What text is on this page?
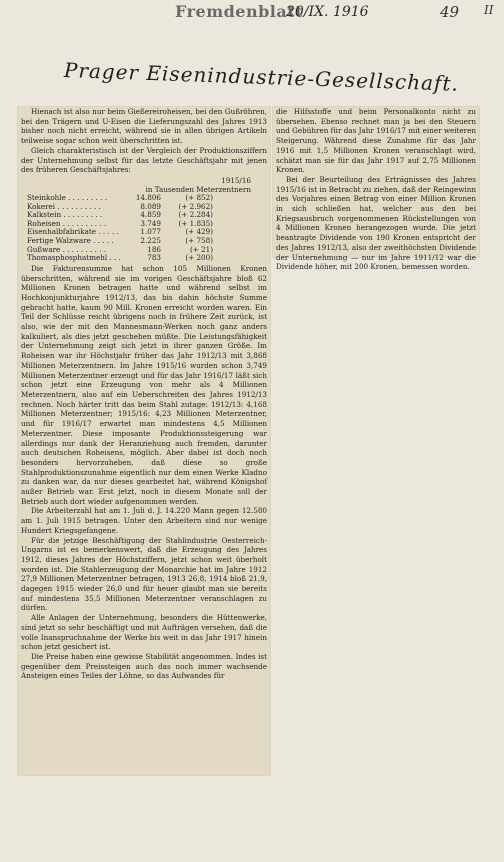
Fremdenblatt
20/IX. 1916	49 II
Prager Eisenindustrie-Gesellschaft.

Hienach ist also nur beim Gießereiroheisen, bei den Gußröhren, bei den Trägern und U-Eisen die Lieferungszahl des Jahres 1913 bisher noch nicht erreicht, während sie in allen übrigen Artikeln teilweise sogar schon weit überschritten ist.

Gleich charakteristisch ist der Vergleich der Produktionsziffern der Unternehmung selbst für das letzte Geschäftsjahr mit jenen des früheren Geschäftsjahres:

1915/16
in Tausenden Meterzentnern
Steinkohle . . . . . . . . .	14.806	(+ 852)
Kokerei . . . . . . . . . .	8.089	(+ 2.962)
Kalkstein . . . . . . . . .	4.859	(+ 2.284)
Roheisen . . . . . . . . . .	3.749	(+ 1.835)
Eisenhalbfabrikate . . . . .	1.077	(+ 429)
Fertige Walzware . . . . .	2.225	(+ 758)
Gußware . . . . . . . . . .	186	(+ 21)
Thomasphosphatmehl . . .	783	(+ 200)

Die Fakturensumme hat schon 105 Millionen Kronen überschritten, während sie im vorigen Geschäftsjahre bloß 62 Millionen Kronen betragen hatte und während selbst im Hochkonjunkturjahre 1912/13, das bis dahin höchste Summe gebracht hatte, kaum 90 Mill. Kronen erreicht worden waren. Ein Teil der Schlüsse reicht übrigens noch in frühere Zeit zurück, ist also, wie der mit den Mannesmann-Werken noch ganz anders kalkuliert, als dies jetzt geschehen müßte. Die Leistungsfähigkeit der Unternehmung zeigt sich jetzt in ihrer ganzen Größe. Im Roheisen war ihr Höchstjahr früher das Jahr 1912/13 mit 3,868 Millionen Meterzentnern. Im Jahre 1915/16 wurden schon 3,749 Millionen Meterzentner erzeugt und für das Jahr 1916/17 läßt sich schon jetzt eine Erzeugung von mehr als 4 Millionen Meterzentnern, also auf ein Ueberschreiten des Jahres 1912/13 rechnen. Noch härter tritt das beim Stahl zutage: 1912/13: 4,168 Millionen Meterzentner; 1915/16: 4,23 Millionen Meterzentner, und für 1916/17 erwartet man mindestens 4,5 Millionen Meterzentner. Diese imposante Produktionssteigerung war allerdings nur dank der Heranziehung auch fremden, darunter auch deutschen Roheisens, möglich. Aber dabei ist doch noch besonders hervorzuheben, daß diese so große Stahlproduktionszunahme eigentlich nur dem einen Werke Kladno zu danken war, da nur dieses gearbeitet hat, während Königshof außer Betrieb war. Erst jetzt, noch in diesem Monate soll der Betrieb auch dort wieder aufgenommen werden.

Die Arbeiterzahl hat am 1. Juli d. J. 14.220 Mann gegen 12.580 am 1. Juli 1915 betragen. Unter den Arbeitern sind nur wenige Hundert Kriegsgefangene.

Für die jetzige Beschäftigung der Stahlindustrie Oesterreich-Ungarns ist es bemerkenswert, daß die Erzeugung des Jahres 1912, dieses Jahres der Höchstziffern, jetzt schon weit überholt worden ist. Die Stahlerzeugung der Monarchie hat im Jahre 1912 27,9 Millionen Meterzentner betragen, 1913 26,8, 1914 bloß 21,9, dagegen 1915 wieder 26,0 und für heuer glaubt man sie bereits auf mindestens 35,5 Millionen Meterzentner veranschlagen zu dürfen.

Alle Anlagen der Unternehmung, besonders die Hüttenwerke, sind jetzt so sehr beschäftigt und mit Aufträgen versehen, daß die volle Inanspruchnahme der Werke bis weit in das Jahr 1917 hinein schon jetzt gesichert ist.

Die Preise haben eine gewisse Stabilität angenommen. Indes ist gegenüber dem Preissteigen auch das noch immer wachsende Ansteigen eines Teiles der Löhne, so das Aufwandes für

die Hilfsstoffe und beim Personalkonto nicht zu übersehen. Ebenso rechnet man ja bei den Steuern und Gebühren für das Jahr 1916/17 mit einer weiteren Steigerung. Während diese Zunahme für das Jahr 1916 mit 1,5 Millionen Kronen veranschlagt wird, schätzt man sie für das Jahr 1917 auf 2,75 Millionen Kronen.

Bei der Beurteilung des Ertrágnisses des Jahres 1915/16 ist in Betracht zu ziehen, daß der Reingewinn des Vorjahres einen Betrag von einer Million Kronen in sich schließen hat, welcher aus den bei Kriegsausbruch vorgenommenen Rückstellungen von 4 Millionen Kronen herangezogen wurde. Die jetzt beantragte Dividende von 190 Kronen entspricht der des Jahres 1912/13, also der zweithöchsten Dividende der Unternehmung — nur im Jahre 1911/12 war die Dividende höher, mit 200 Kronen, bemessen worden.
